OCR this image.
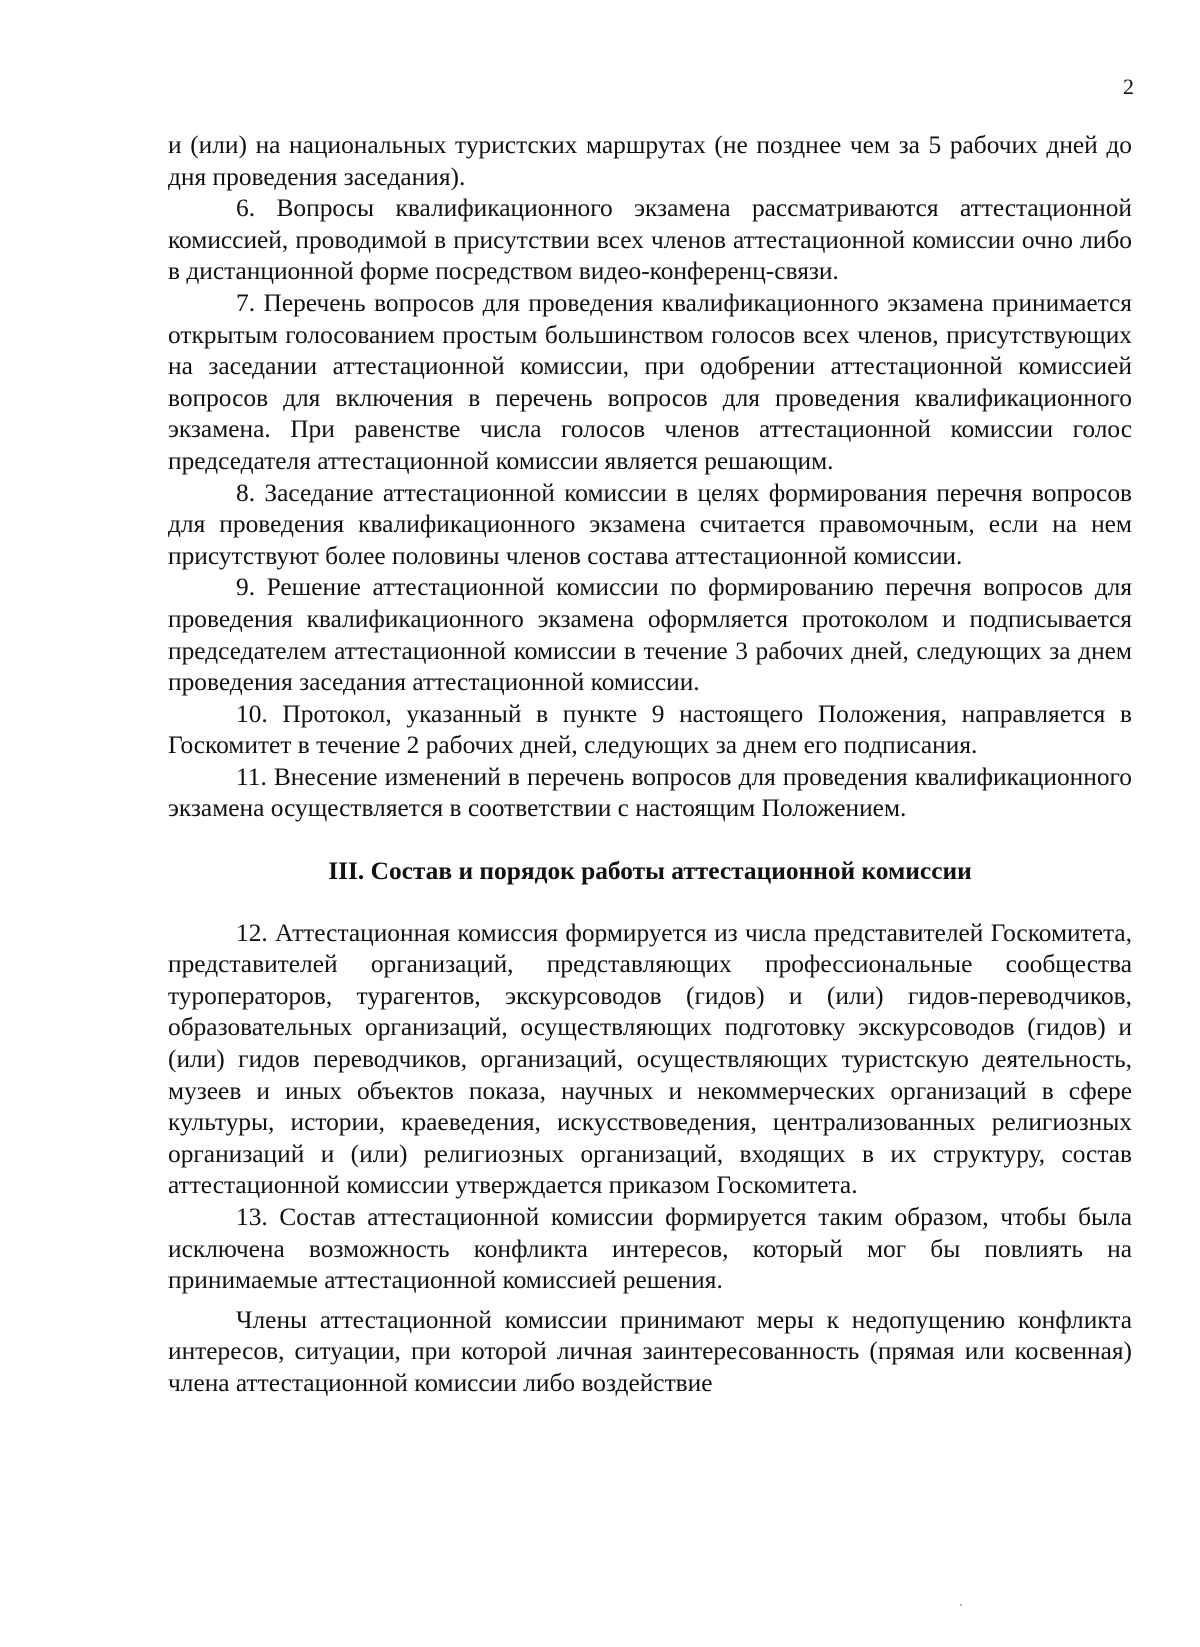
2

и (или) на национальных туристских маршрутах (не позднее чем за 5 рабочих дней до дня проведения заседания).

6. Вопросы квалификационного экзамена рассматриваются аттестационной комиссией, проводимой в присутствии всех членов аттестационной комиссии очно либо в дистанционной форме посредством видео-конференц-связи.

7. Перечень вопросов для проведения квалификационного экзамена принимается открытым голосованием простым большинством голосов всех членов, присутствующих на заседании аттестационной комиссии, при одобрении аттестационной комиссией вопросов для включения в перечень вопросов для проведения квалификационного экзамена. При равенстве числа голосов членов аттестационной комиссии голос председателя аттестационной комиссии является решающим.

8. Заседание аттестационной комиссии в целях формирования перечня вопросов для проведения квалификационного экзамена считается правомочным, если на нем присутствуют более половины членов состава аттестационной комиссии.

9. Решение аттестационной комиссии по формированию перечня вопросов для проведения квалификационного экзамена оформляется протоколом и подписывается председателем аттестационной комиссии в течение 3 рабочих дней, следующих за днем проведения заседания аттестационной комиссии.

10. Протокол, указанный в пункте 9 настоящего Положения, направляется в Госкомитет в течение 2 рабочих дней, следующих за днем его подписания.

11. Внесение изменений в перечень вопросов для проведения квалификационного экзамена осуществляется в соответствии с настоящим Положением.

III. Состав и порядок работы аттестационной комиссии

12. Аттестационная комиссия формируется из числа представителей Госкомитета, представителей организаций, представляющих профессиональные сообщества туроператоров, турагентов, экскурсоводов (гидов) и (или) гидов-переводчиков, образовательных организаций, осуществляющих подготовку экскурсоводов (гидов) и (или) гидов переводчиков, организаций, осуществляющих туристскую деятельность, музеев и иных объектов показа, научных и некоммерческих организаций в сфере культуры, истории, краеведения, искусствоведения, централизованных религиозных организаций и (или) религиозных организаций, входящих в их структуру, состав аттестационной комиссии утверждается приказом Госкомитета.

13. Состав аттестационной комиссии формируется таким образом, чтобы была исключена возможность конфликта интересов, который мог бы повлиять на принимаемые аттестационной комиссией решения.

Члены аттестационной комиссии принимают меры к недопущению конфликта интересов, ситуации, при которой личная заинтересованность (прямая или косвенная) члена аттестационной комиссии либо воздействие
